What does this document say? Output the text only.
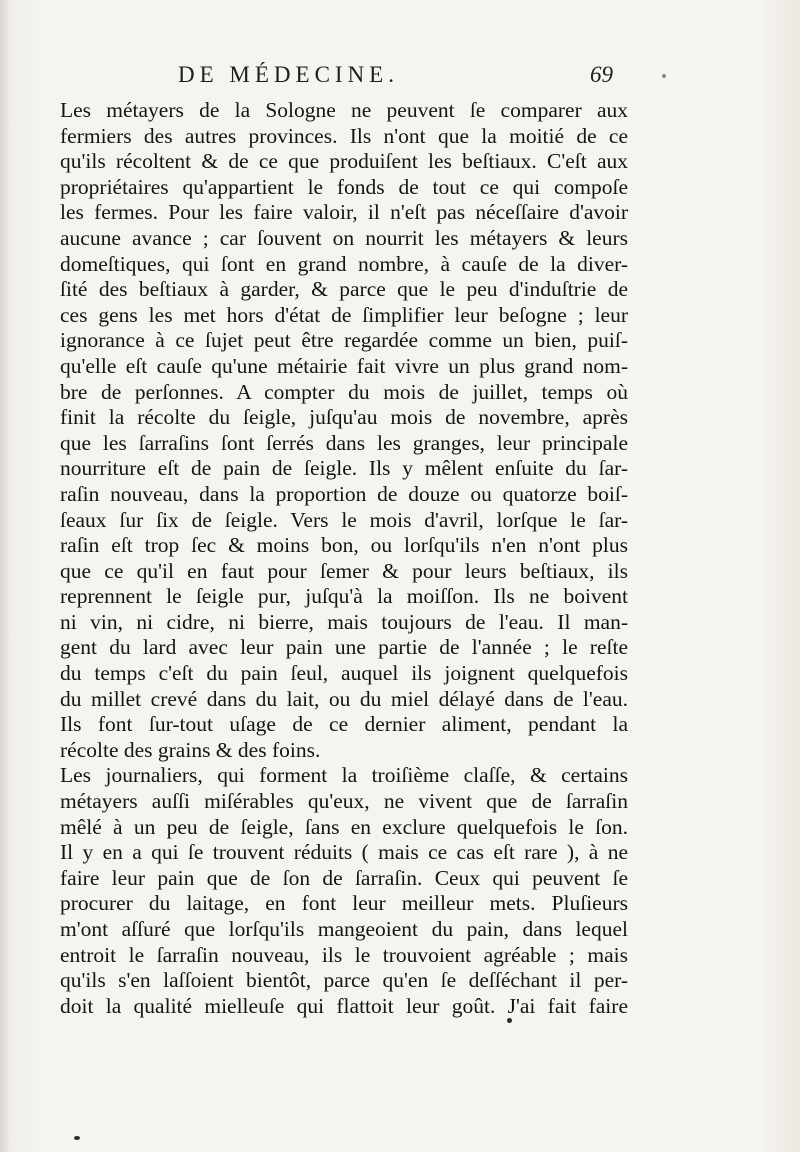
DE MÉDECINE.	69
Les métayers de la Sologne ne peuvent ſe comparer aux
fermiers des autres provinces. Ils n'ont que la moitié de ce
qu'ils récoltent & de ce que produiſent les beſtiaux. C'eſt aux
propriétaires qu'appartient le fonds de tout ce qui compoſe
les fermes. Pour les faire valoir, il n'eſt pas néceſſaire d'avoir
aucune avance ; car ſouvent on nourrit les métayers & leurs
domeſtiques, qui ſont en grand nombre, à cauſe de la diver-
ſité des beſtiaux à garder, & parce que le peu d'induſtrie de
ces gens les met hors d'état de ſimplifier leur beſogne ; leur
ignorance à ce ſujet peut être regardée comme un bien, puiſ-
qu'elle eſt cauſe qu'une métairie fait vivre un plus grand nom-
bre de perſonnes. A compter du mois de juillet, temps où
finit la récolte du ſeigle, juſqu'au mois de novembre, après
que les ſarraſins ſont ſerrés dans les granges, leur principale
nourriture eſt de pain de ſeigle. Ils y mêlent enſuite du ſar-
raſin nouveau, dans la proportion de douze ou quatorze boiſ-
ſeaux ſur ſix de ſeigle. Vers le mois d'avril, lorſque le ſar-
raſin eſt trop ſec & moins bon, ou lorſqu'ils n'en n'ont plus
que ce qu'il en faut pour ſemer & pour leurs beſtiaux, ils
reprennent le ſeigle pur, juſqu'à la moiſſon. Ils ne boivent
ni vin, ni cidre, ni bierre, mais toujours de l'eau. Il man-
gent du lard avec leur pain une partie de l'année ; le reſte
du temps c'eſt du pain ſeul, auquel ils joignent quelquefois
du millet crevé dans du lait, ou du miel délayé dans de l'eau.
Ils font ſur-tout uſage de ce dernier aliment, pendant la
récolte des grains & des foins.
Les journaliers, qui forment la troiſième claſſe, & certains
métayers auſſi miſérables qu'eux, ne vivent que de ſarraſin
mêlé à un peu de ſeigle, ſans en exclure quelquefois le ſon.
Il y en a qui ſe trouvent réduits ( mais ce cas eſt rare ), à ne
faire leur pain que de ſon de ſarraſin. Ceux qui peuvent ſe
procurer du laitage, en font leur meilleur mets. Pluſieurs
m'ont aſſuré que lorſqu'ils mangeoient du pain, dans lequel
entroit le ſarraſin nouveau, ils le trouvoient agréable ; mais
qu'ils s'en laſſoient bientôt, parce qu'en ſe deſſéchant il per-
doit la qualité mielleuſe qui flattoit leur goût. J'ai fait faire
